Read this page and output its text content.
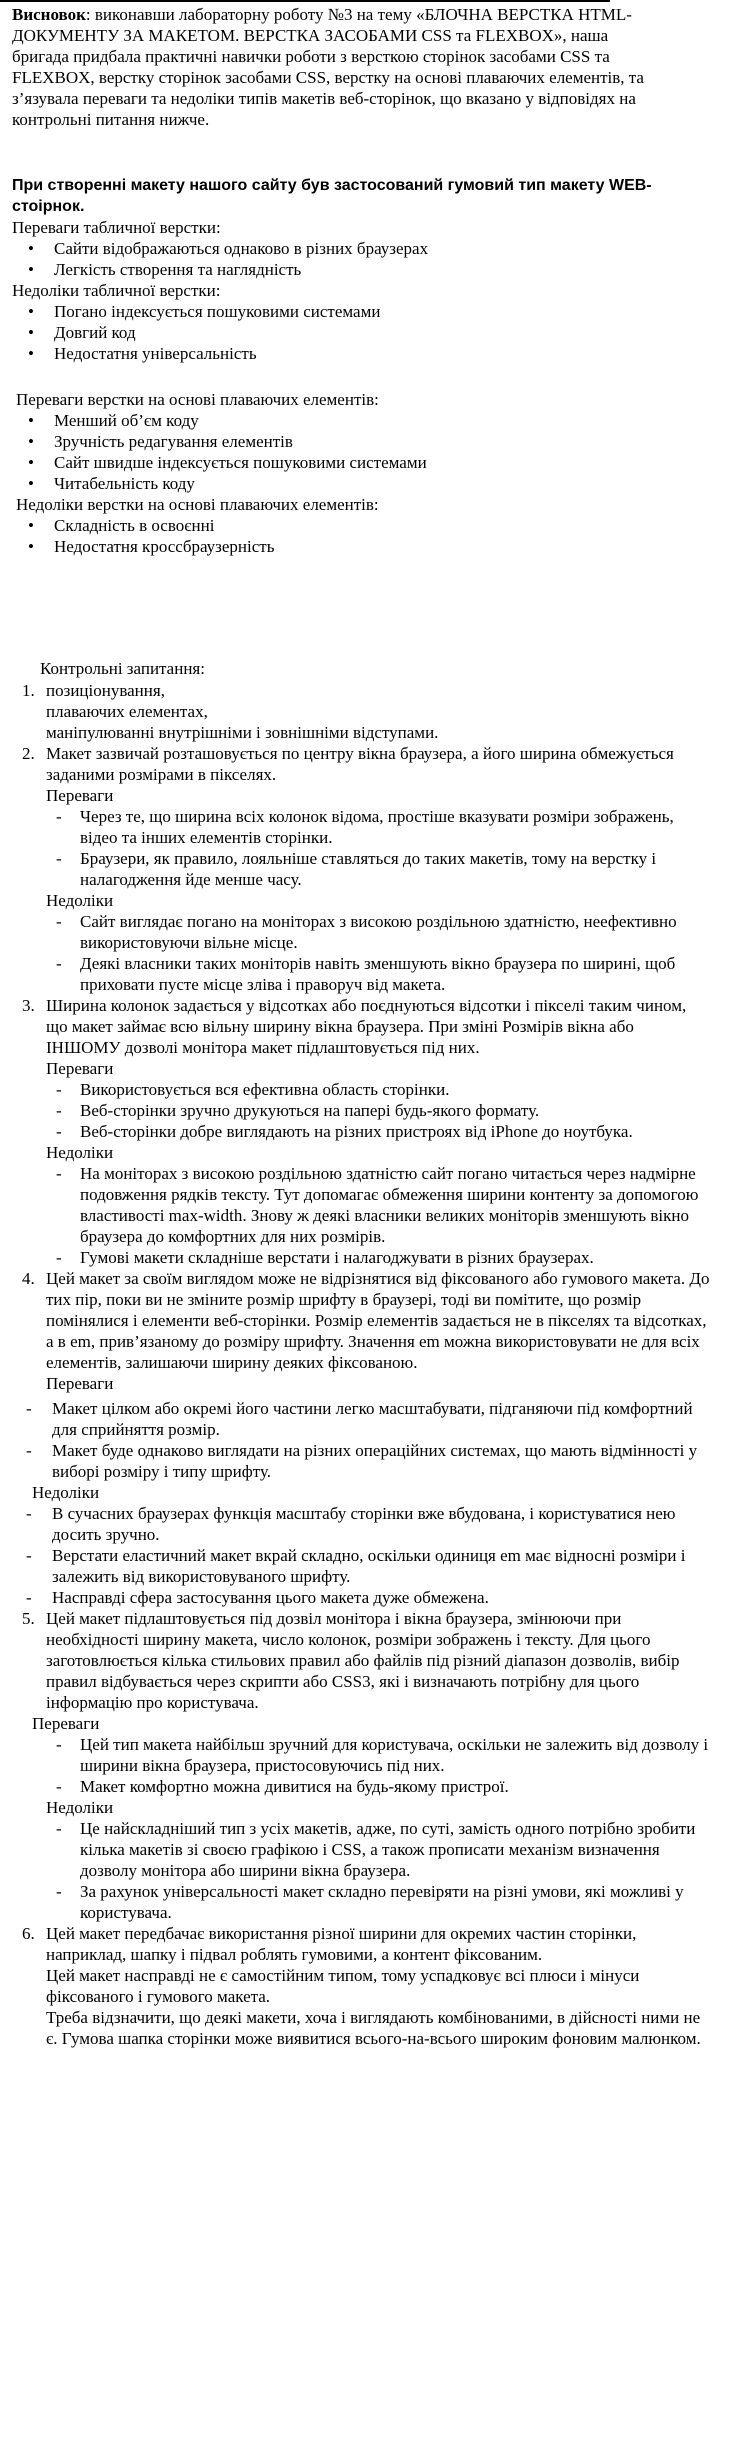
Висновок: виконавши лабораторну роботу №3 на тему «БЛОЧНА ВЕРСТКА HTML-ДОКУМЕНТУ ЗА МАКЕТОМ. ВЕРСТКА ЗАСОБАМИ CSS та FLEXBOX», наша бригада придбала практичні навички роботи з версткою сторінок засобами CSS та FLEXBOX, верстку сторінок засобами CSS, верстку на основі плаваючих елементів, та з’язувала переваги та недоліки типів макетів веб-сторінок, що вказано у відповідях на контрольні питання нижче.

При створенні макету нашого сайту був застосований гумовий тип макету WEB-стоірнок.

Переваги табличної верстки:

• Сайти відображаються однаково в різних браузерах
• Легкість створення та наглядність

Недоліки табличної верстки:

• Погано індексується пошуковими системами
• Довгий код
• Недостатня універсальність

Переваги верстки на основі плаваючих елементів:

• Менший об’єм коду
• Зручність редагування елементів
• Сайт швидше індексується пошуковими системами
• Читабельність коду

Недоліки верстки на основі плаваючих елементів:

• Складність в освоєнні
• Недостатня кросcбраузерність

Контрольні запитання:

1. позиціонування,

плаваючих елементах,

маніпулюванні внутрішніми і зовнішніми відступами.

2. Макет зазвичай розташовується по центру вікна браузера, а його ширина обмежується заданими розмірами в пікселях.

Переваги

- Через те, що ширина всіх колонок відома, простіше вказувати розміри зображень, відео та інших елементів сторінки.
- Браузери, як правило, лояльніше ставляться до таких макетів, тому на верстку і налагодження йде менше часу.

Недоліки

- Сайт виглядає погано на моніторах з високою роздільною здатністю, неефективно використовуючи вільне місце.
- Деякі власники таких моніторів навіть зменшують вікно браузера по ширині, щоб приховати пусте місце зліва і праворуч від макета.
3. Ширина колонок задається у відсотках або поєднуються відсотки і пікселі таким чином, що макет займає всю вільну ширину вікна браузера. При зміні Розмірів вікна або ІНШОМУ дозволі монітора макет підлаштовується під них.

Переваги

- Використовується вся ефективна область сторінки.
- Веб-сторінки зручно друкуються на папері будь-якого формату.
- Веб-сторінки добре виглядають на різних пристроях від iPhone до ноутбука.

Недоліки

- На моніторах з високою роздільною здатністю сайт погано читається через надмірне подовження рядків тексту. Тут допомагає обмеження ширини контенту за допомогою властивості max-width. Знову ж деякі власники великих моніторів зменшують вікно браузера до комфортних для них розмірів.
- Гумові макети складніше верстати і налагоджувати в різних браузерах.
4. Цей макет за своїм виглядом може не відрізнятися від фіксованого або гумового макета. До тих пір, поки ви не зміните розмір шрифту в браузері, тоді ви помітите, що розмір помінялися і елементи веб-сторінки. Розмір елементів задається не в пікселях та відсотках, а в em, прив’язаному до розміру шрифту. Значення em можна використовувати не для всіх елементів, залишаючи ширину деяких фіксованою.

Переваги

- Макет цілком або окремі його частини легко масштабувати, підганяючи під комфортний для сприйняття розмір.
- Макет буде однаково виглядати на різних операційних системах, що мають відмінності у виборі розміру і типу шрифту.

Недоліки

- В сучасних браузерах функція масштабу сторінки вже вбудована, і користуватися нею досить зручно.
- Верстати еластичний макет вкрай складно, оскільки одиниця em має відносні розміри і залежить від використовуваного шрифту.
- Насправді сфера застосування цього макета дуже обмежена.
5. Цей макет підлаштовується під дозвіл монітора і вікна браузера, змінюючи при необхідності ширину макета, число колонок, розміри зображень і тексту. Для цього заготовлюється кілька стильових правил або файлів під різний діапазон дозволів, вибір правил відбувається через скрипти або CSS3, які і визначають потрібну для цього інформацію про користувача.

Переваги

- Цей тип макета найбільш зручний для користувача, оскільки не залежить від дозволу і ширини вікна браузера, пристосовуючись під них.
- Макет комфортно можна дивитися на будь-якому пристрої.

Недоліки

- Це найскладніший тип з усіх макетів, адже, по суті, замість одного потрібно зробити кілька макетів зі своєю графікою і CSS, а також прописати механізм визначення дозволу монітора або ширини вікна браузера.
- За рахунок універсальності макет складно перевіряти на різні умови, які можливі у користувача.
6. Цей макет передбачає використання різної ширини для окремих частин сторінки, наприклад, шапку і підвал роблять гумовими, а контент фіксованим.

Цей макет насправді не є самостійним типом, тому успадковує всі плюси і мінуси фіксованого і гумового макета.

Треба відзначити, що деякі макети, хоча і виглядають комбінованими, в дійсності ними не є. Гумова шапка сторінки може виявитися всього-на-всього широким фоновим малюнком.
